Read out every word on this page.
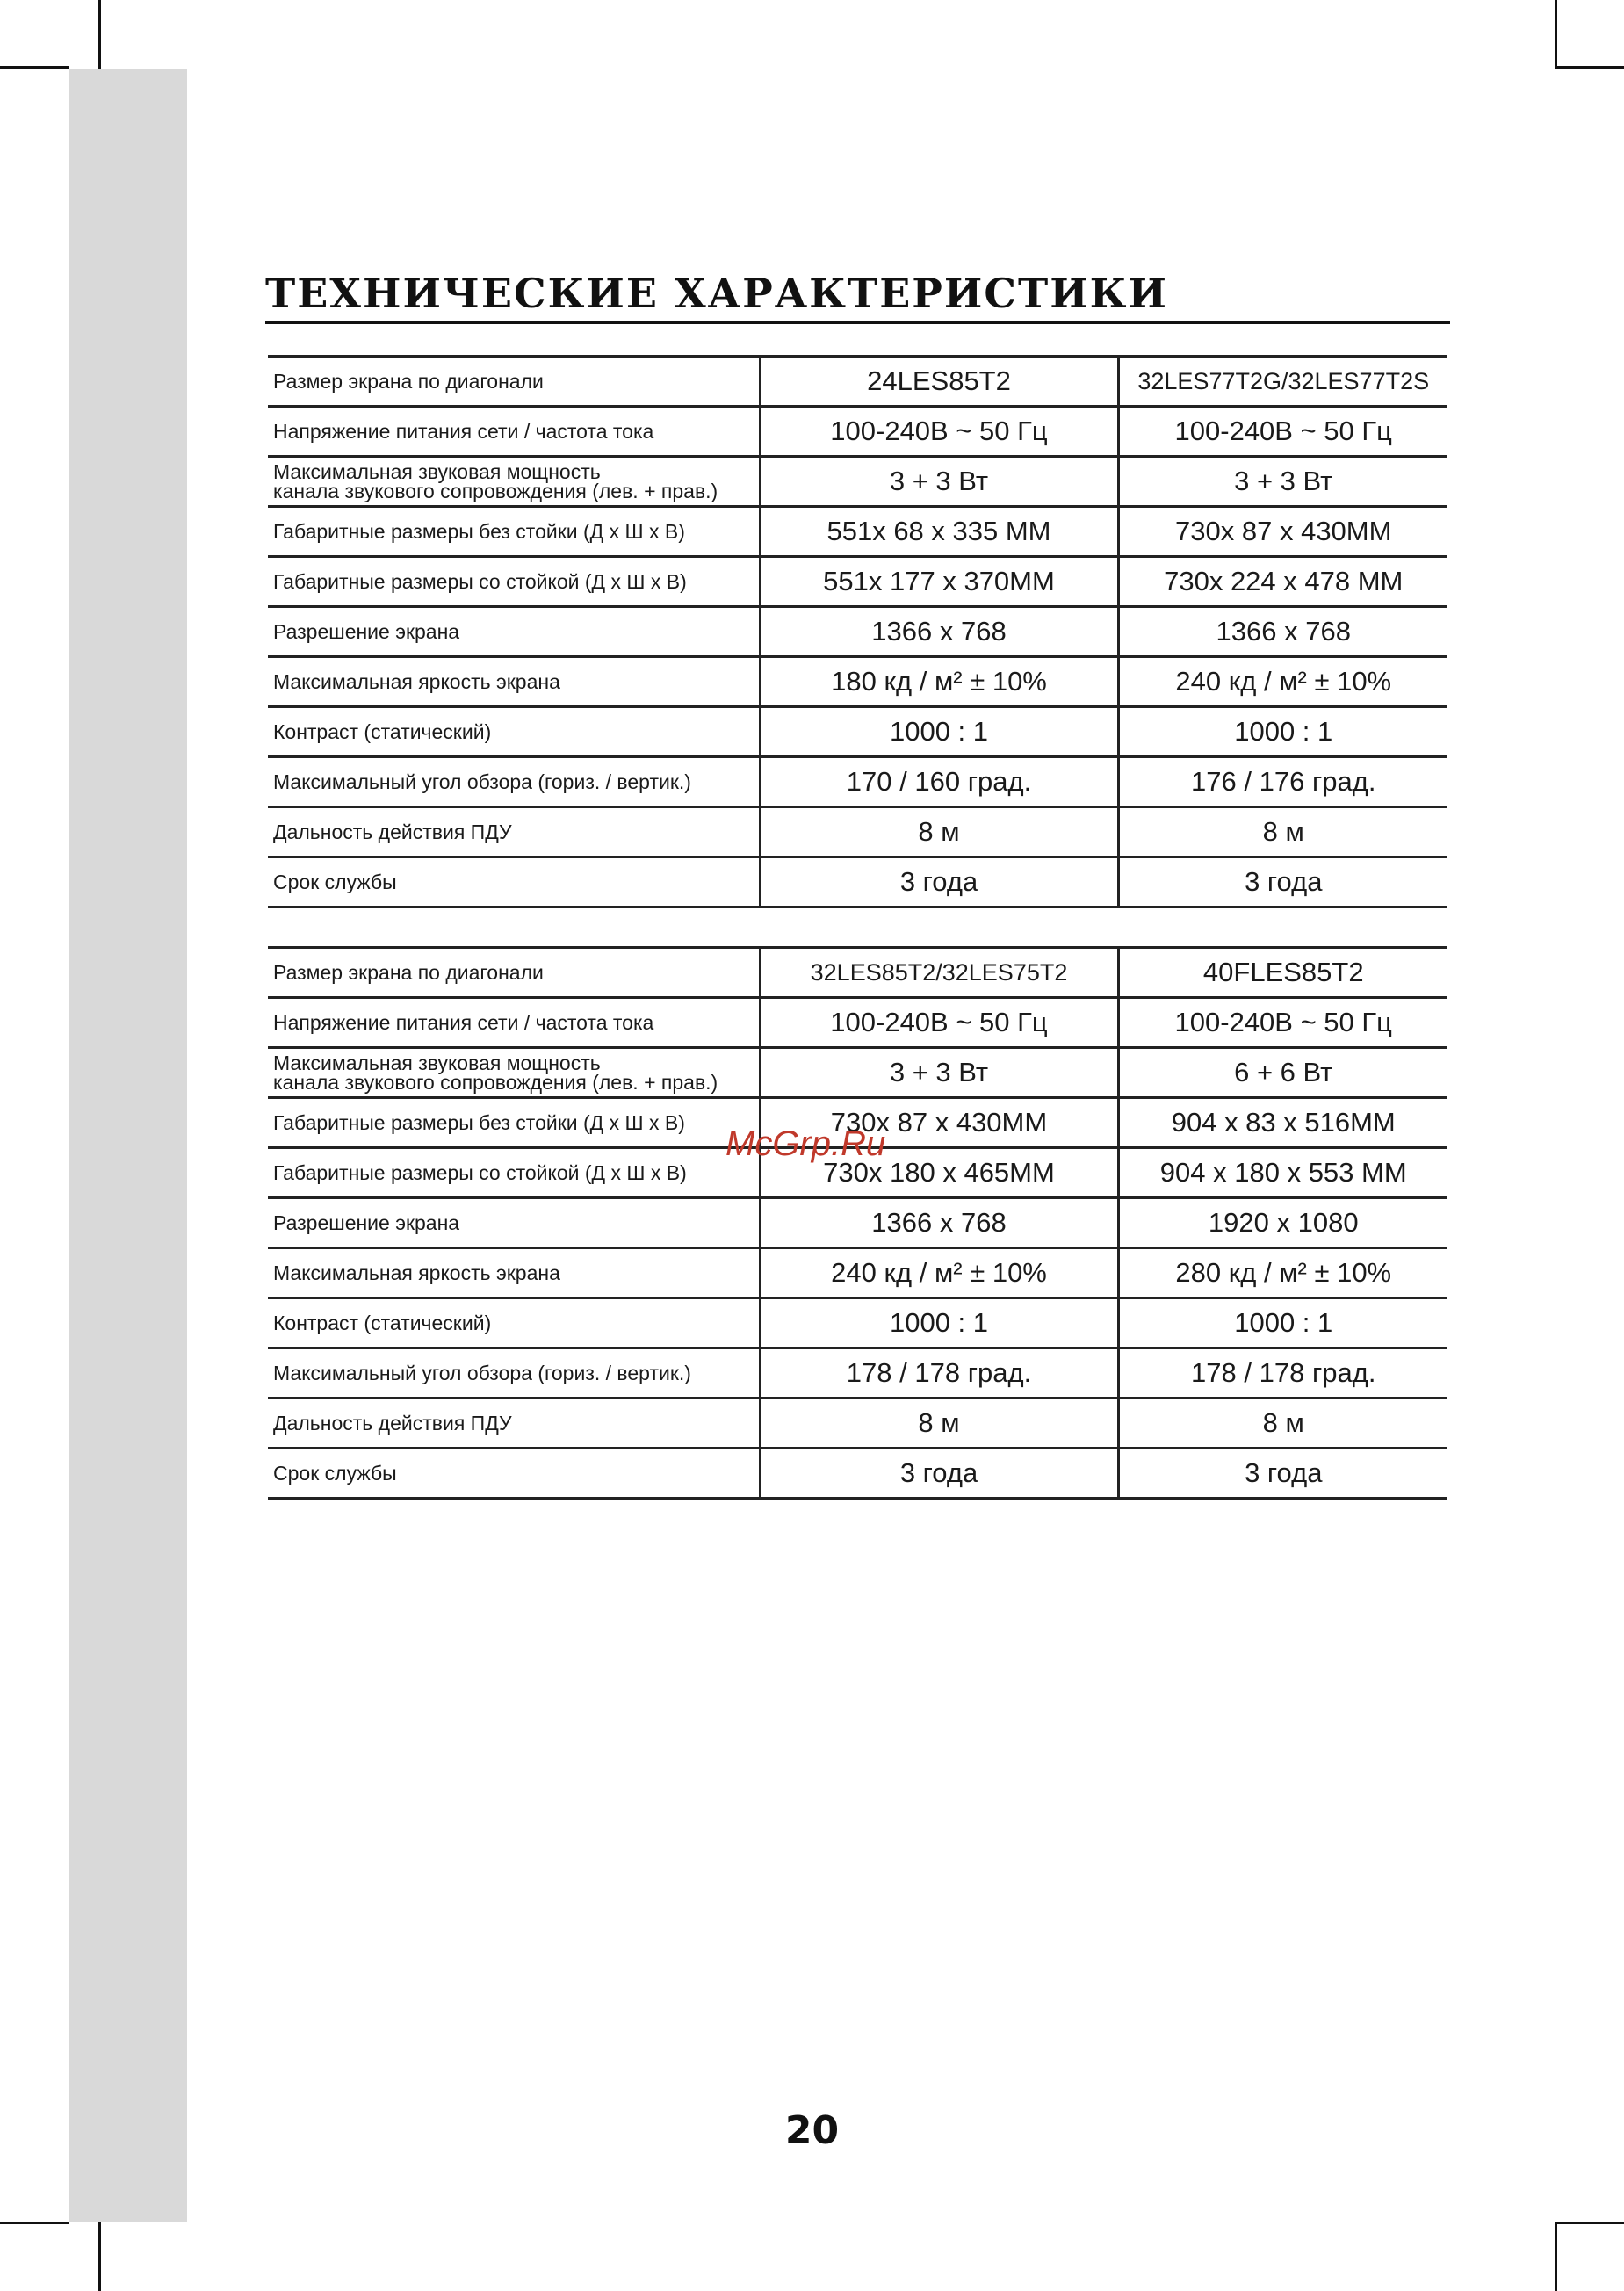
ТЕХНИЧЕСКИЕ ХАРАКТЕРИСТИКИ
Размер экрана по диагонали	24LES85T2	32LES77T2G/32LES77T2S
Напряжение питания сети / частота тока	100-240В ~ 50 Гц	100-240В ~ 50 Гц
Максимальная звуковая мощность
канала звукового сопровождения (лев. + прав.)	3 + 3 Вт	3 + 3 Вт
Габаритные размеры без стойки (Д х Ш х В)	551x 68 x 335 ММ	730x 87 x 430MM
Габаритные размеры со стойкой (Д х Ш х В)	551x 177 x 370MM	730x 224 x 478 ММ
Разрешение экрана	1366 x 768	1366 x 768
Максимальная яркость экрана	180 кд / м² ± 10%	240 кд / м² ± 10%
Контраст (статический)	1000 : 1	1000 : 1
Максимальный угол обзора (гориз. / вертик.)	170 / 160 град.	176 / 176 град.
Дальность действия ПДУ	8 м	8 м
Срок службы	3 года	3 года
Размер экрана по диагонали	32LES85T2/32LES75T2	40FLES85T2
Напряжение питания сети / частота тока	100-240В ~ 50 Гц	100-240В ~ 50 Гц
Максимальная звуковая мощность
канала звукового сопровождения (лев. + прав.)	3 + 3 Вт	6 + 6 Вт
Габаритные размеры без стойки (Д х Ш х В)	730x 87 x 430MM	904 x 83 x 516MM
Габаритные размеры со стойкой (Д х Ш х В)	730x 180 x 465MM	904 x 180 x 553 ММ
Разрешение экрана	1366 x 768	1920 x 1080
Максимальная яркость экрана	240 кд / м² ± 10%	280 кд / м² ± 10%
Контраст (статический)	1000 : 1	1000 : 1
Максимальный угол обзора (гориз. / вертик.)	178 / 178 град.	178 / 178 град.
Дальность действия ПДУ	8 м	8 м
Срок службы	3 года	3 года
McGrp.Ru
20
